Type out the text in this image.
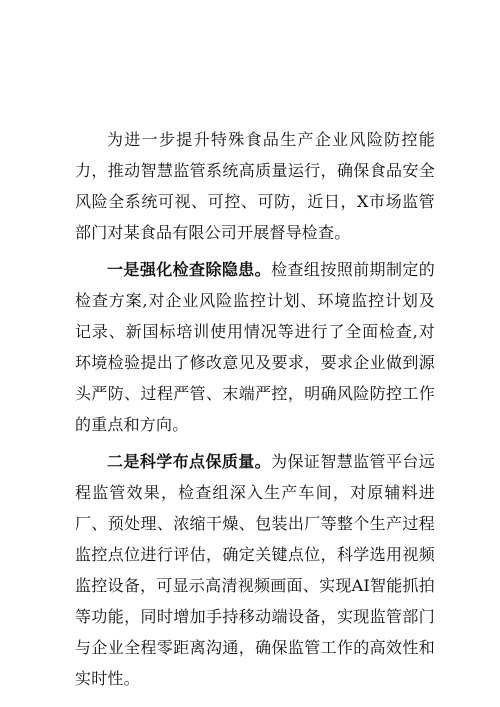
为进一步提升特殊食品生产企业风险防控能力，推动智慧监管系统高质量运行，确保食品安全风险全系统可视、可控、可防，近日，X市场监管部门对某食品有限公司开展督导检查。

一是强化检查除隐患。检查组按照前期制定的检查方案,对企业风险监控计划、环境监控计划及记录、新国标培训使用情况等进行了全面检查,对环境检验提出了修改意见及要求，要求企业做到源头严防、过程严管、末端严控，明确风险防控工作的重点和方向。

二是科学布点保质量。为保证智慧监管平台远程监管效果，检查组深入生产车间，对原辅料进厂、预处理、浓缩干燥、包装出厂等整个生产过程监控点位进行评估，确定关键点位，科学选用视频监控设备，可显示高清视频画面、实现AI智能抓拍等功能，同时增加手持移动端设备，实现监管部门与企业全程零距离沟通，确保监管工作的高效性和实时性。
